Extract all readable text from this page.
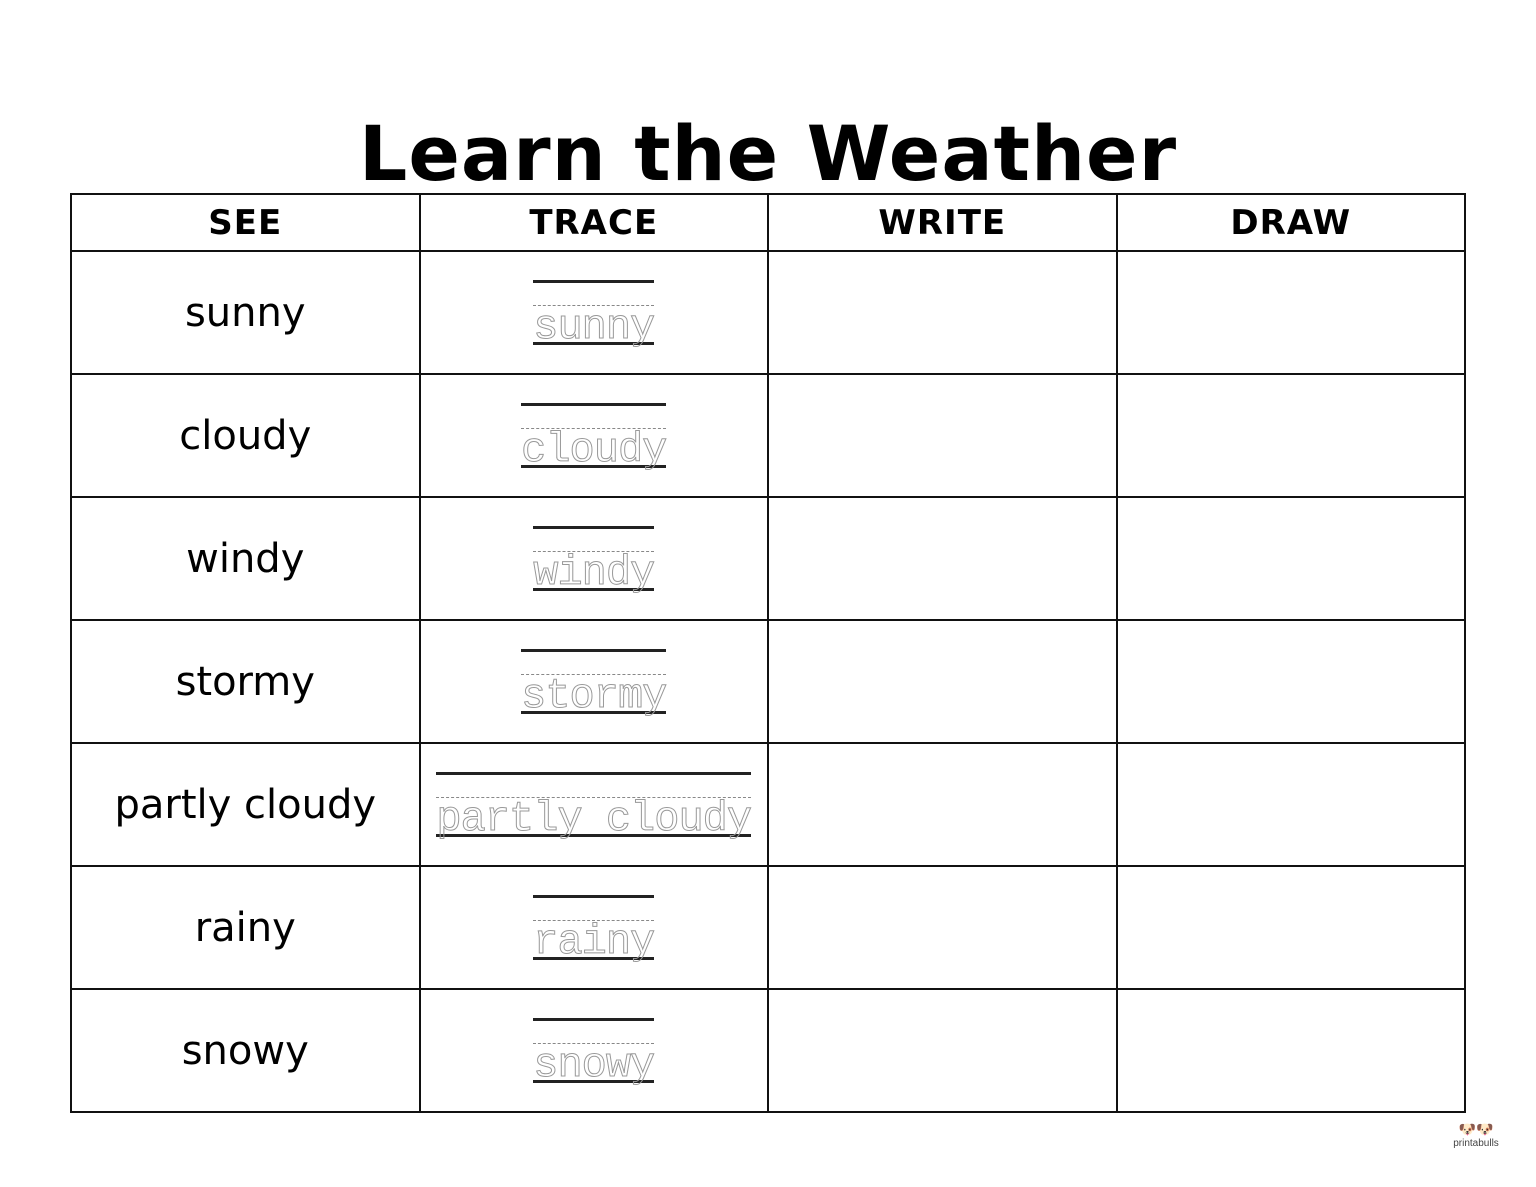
Learn the Weather
SEE	TRACE	WRITE	DRAW
sunny	sunny		

cloudy	cloudy		

windy	windy		

stormy	stormy		

partly cloudy	partly cloudy		

rainy	rainy		

snowy	snowy		

🐶🐶
printabulls
